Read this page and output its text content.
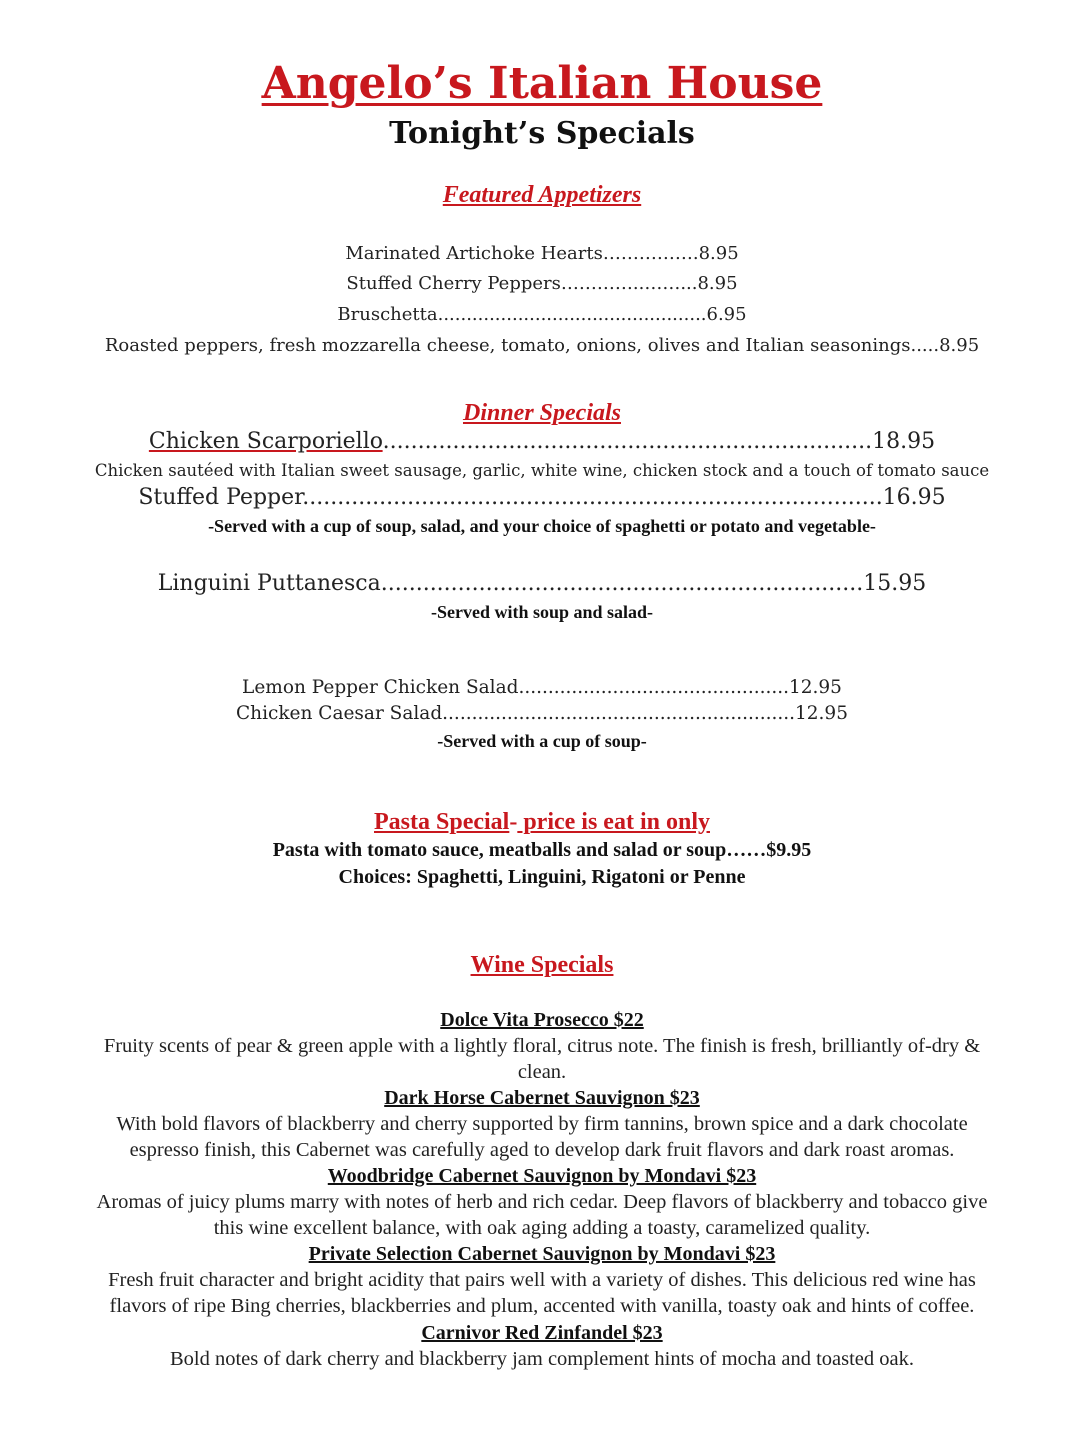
Angelo’s Italian House
Tonight’s Specials
Featured Appetizers
Marinated Artichoke Hearts…………….8.95
Stuffed Cherry Peppers…………..……...8.95
Bruschetta...............................................6.95
Roasted peppers, fresh mozzarella cheese, tomato, onions, olives and Italian seasonings.....8.95
Dinner Specials
Chicken Scarporiello......................................................................18.95
Chicken sautéed with Italian sweet sausage, garlic, white wine, chicken stock and a touch of tomato sauce
Stuffed Pepper...................................................................................16.95
-Served with a cup of soup, salad, and your choice of spaghetti or potato and vegetable-
Linguini Puttanesca.....................................................................15.95
-Served with soup and salad-
Lemon Pepper Chicken Salad..............................................12.95
Chicken Caesar Salad............................................................12.95
-Served with a cup of soup-
Pasta Special- price is eat in only
Pasta with tomato sauce, meatballs and salad or soup……$9.95
Choices: Spaghetti, Linguini, Rigatoni or Penne
Wine Specials
Dolce Vita Prosecco $22
Fruity scents of pear & green apple with a lightly floral, citrus note. The finish is fresh, brilliantly of-dry &
clean.
Dark Horse Cabernet Sauvignon $23
With bold flavors of blackberry and cherry supported by firm tannins, brown spice and a dark chocolate
espresso finish, this Cabernet was carefully aged to develop dark fruit flavors and dark roast aromas.
Woodbridge Cabernet Sauvignon by Mondavi $23
Aromas of juicy plums marry with notes of herb and rich cedar. Deep flavors of blackberry and tobacco give
this wine excellent balance, with oak aging adding a toasty, caramelized quality.
Private Selection Cabernet Sauvignon by Mondavi $23
Fresh fruit character and bright acidity that pairs well with a variety of dishes. This delicious red wine has
flavors of ripe Bing cherries, blackberries and plum, accented with vanilla, toasty oak and hints of coffee.
Carnivor Red Zinfandel $23
Bold notes of dark cherry and blackberry jam complement hints of mocha and toasted oak.
